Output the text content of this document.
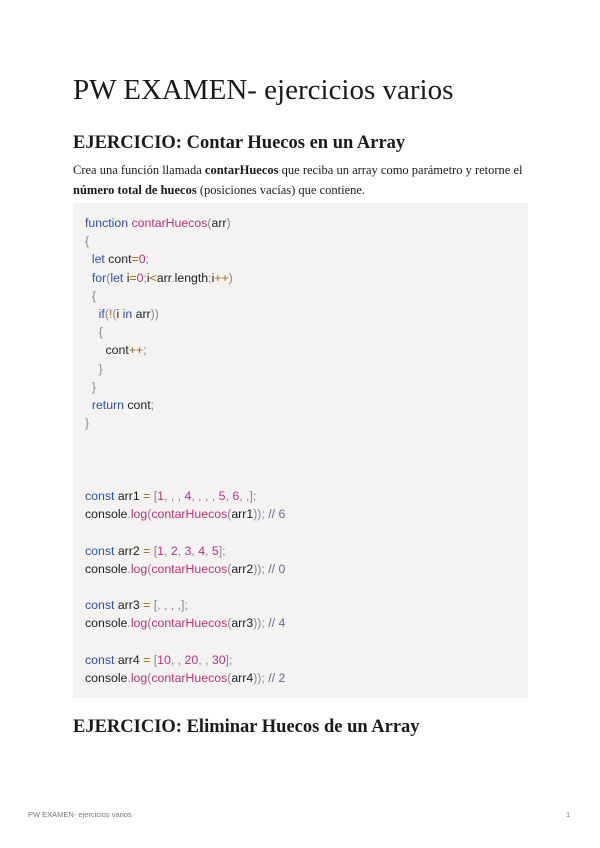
PW EXAMEN- ejercicios varios
EJERCICIO: Contar Huecos en un Array

Crea una función llamada contarHuecos que reciba un array como parámetro y retorne el número total de huecos (posiciones vacías) que contiene.

function contarHuecos(arr)
{
let cont=0;
for(let i=0;i<arr.length;i++)
{
if(!(i in arr))
{
cont++;
}
}
return cont;
}

const arr1 = [1, , , 4, , , , 5, 6, ,];
console.log(contarHuecos(arr1)); // 6

const arr2 = [1, 2, 3, 4, 5];
console.log(contarHuecos(arr2)); // 0

const arr3 = [, , , ,];
console.log(contarHuecos(arr3)); // 4

const arr4 = [10, , 20, , 30];
console.log(contarHuecos(arr4)); // 2
EJERCICIO: Eliminar Huecos de un Array
PW EXAMEN- ejercicios varios	1
